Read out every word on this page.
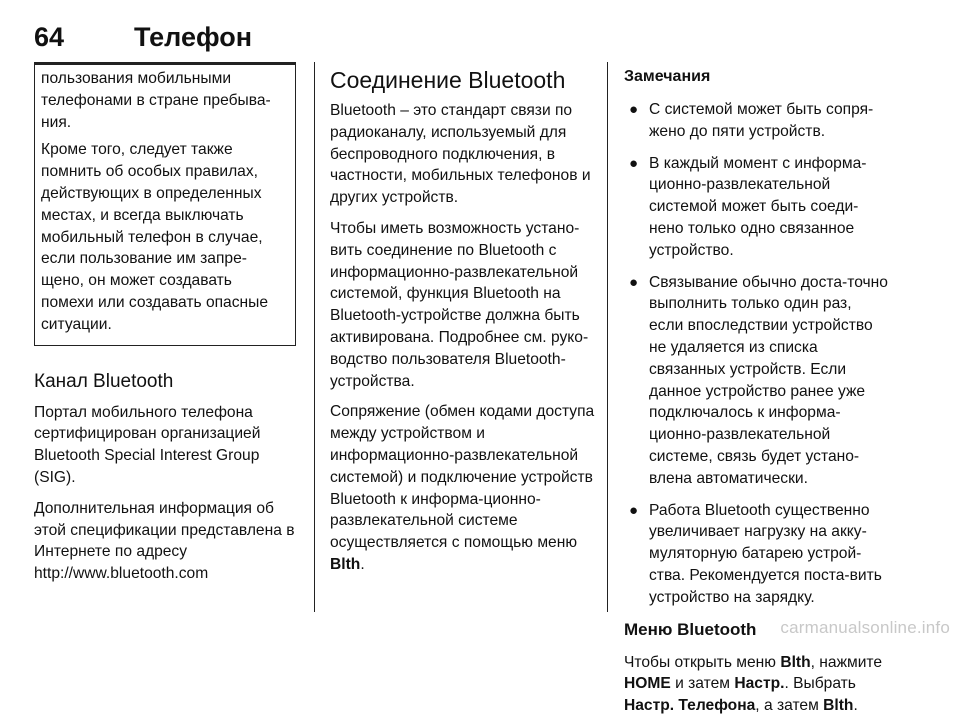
64	Телефон

пользования мобильными телефонами в стране пребыва-ния.

Кроме того, следует также помнить об особых правилах, действующих в определенных местах, и всегда выключать мобильный телефон в случае, если пользование им запре-щено, он может создавать помехи или создавать опасные ситуации.

Канал Bluetooth

Портал мобильного телефона сертифицирован организацией Bluetooth Special Interest Group (SIG).

Дополнительная информация об этой спецификации представлена в Интернете по адресу

http://www.bluetooth.com

Соединение Bluetooth

Bluetooth – это стандарт связи по радиоканалу, используемый для беспроводного подключения, в частности, мобильных телефонов и других устройств.

Чтобы иметь возможность устано-вить соединение по Bluetooth с информационно-развлекательной системой, функция Bluetooth на Bluetooth-устройстве должна быть активирована. Подробнее см. руко-водство пользователя Bluetooth-устройства.

Сопряжение (обмен кодами доступа между устройством и информационно-развлекательной системой) и подключение устройств Bluetooth к информа-ционно-развлекательной системе осуществляется с помощью меню
Blth.

Замечания
● С системой может быть сопря-жено до пяти устройств.
● В каждый момент с информа-ционно-развлекательной системой может быть соеди-нено только одно связанное устройство.
● Связывание обычно доста-точно выполнить только один раз, если впоследствии устройство не удаляется из списка связанных устройств. Если данное устройство ранее уже подключалось к информа-ционно-развлекательной системе, связь будет устано-влена автоматически.
● Работа Bluetooth существенно увеличивает нагрузку на акку-муляторную батарею устрой-ства. Рекомендуется поста-вить устройство на зарядку.
Меню Bluetooth

Чтобы открыть меню Blth, нажмите HOME и затем Настр.. Выбрать Настр. Телефона, а затем Blth.

carmanualsonline.info
